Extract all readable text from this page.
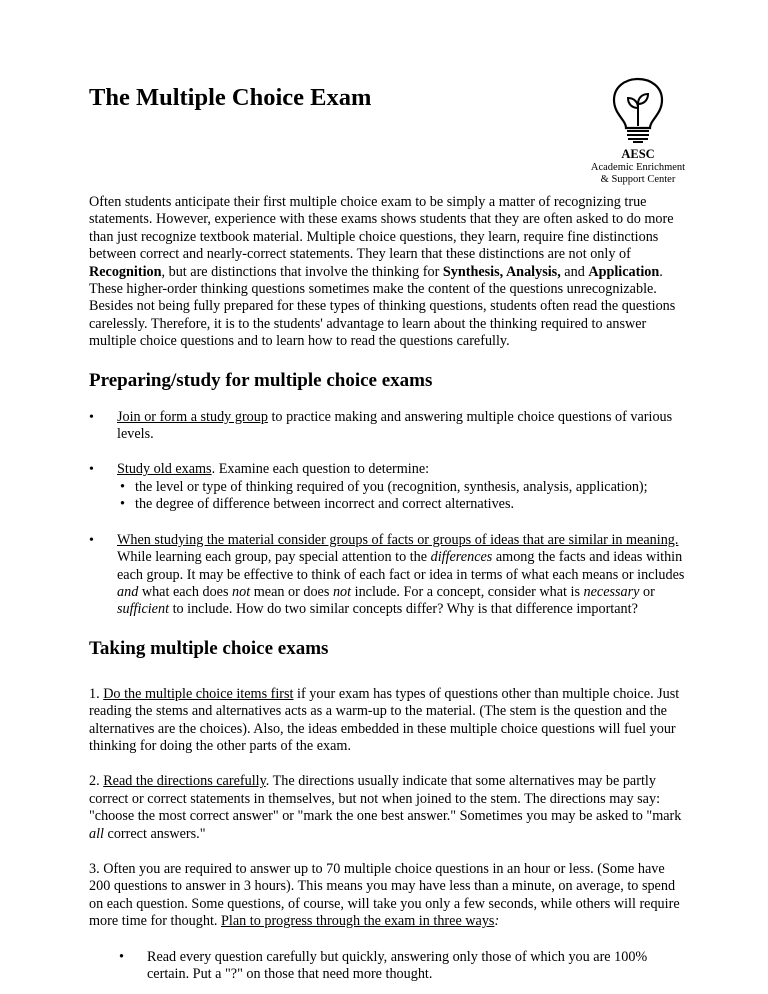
The Multiple Choice Exam
AESC
Academic Enrichment
& Support Center

Often students anticipate their first multiple choice exam to be simply a matter of recognizing true statements. However, experience with these exams shows students that they are often asked to do more than just recognize textbook material. Multiple choice questions, they learn, require fine distinctions between correct and nearly-correct statements. They learn that these distinctions are not only of Recognition, but are distinctions that involve the thinking for Synthesis, Analysis, and Application. These higher-order thinking questions sometimes make the content of the questions unrecognizable. Besides not being fully prepared for these types of thinking questions, students often read the questions carelessly. Therefore, it is to the students' advantage to learn about the thinking required to answer multiple choice questions and to learn how to read the questions carefully.

Preparing/study for multiple choice exams
• Join or form a study group to practice making and answering multiple choice questions of various levels.
• Study old exams. Examine each question to determine:
• the level or type of thinking required of you (recognition, synthesis, analysis, application);
• the degree of difference between incorrect and correct alternatives.
• When studying the material consider groups of facts or groups of ideas that are similar in meaning. While learning each group, pay special attention to the differences among the facts and ideas within each group. It may be effective to think of each fact or idea in terms of what each means or includes and what each does not mean or does not include. For a concept, consider what is necessary or sufficient to include. How do two similar concepts differ? Why is that difference important?
Taking multiple choice exams

1. Do the multiple choice items first if your exam has types of questions other than multiple choice. Just reading the stems and alternatives acts as a warm-up to the material. (The stem is the question and the alternatives are the choices). Also, the ideas embedded in these multiple choice questions will fuel your thinking for doing the other parts of the exam.

2. Read the directions carefully. The directions usually indicate that some alternatives may be partly correct or correct statements in themselves, but not when joined to the stem. The directions may say: "choose the most correct answer" or "mark the one best answer." Sometimes you may be asked to "mark all correct answers."

3. Often you are required to answer up to 70 multiple choice questions in an hour or less. (Some have 200 questions to answer in 3 hours). This means you may have less than a minute, on average, to spend on each question. Some questions, of course, will take you only a few seconds, while others will require more time for thought. Plan to progress through the exam in three ways:

• Read every question carefully but quickly, answering only those of which you are 100% certain. Put a "?" on those that need more thought.
